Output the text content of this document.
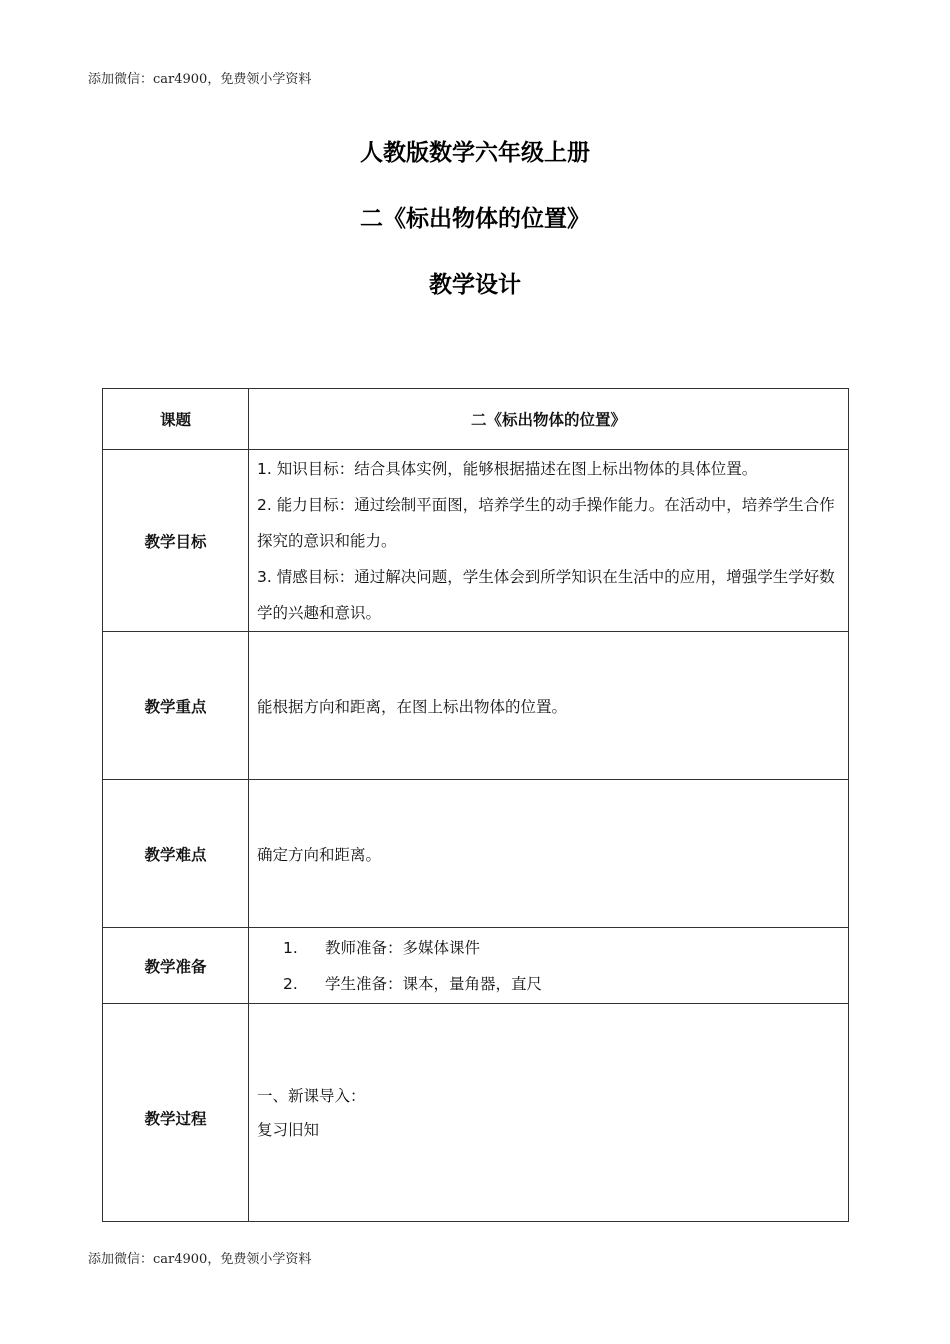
添加微信：car4900，免费领小学资料
人教版数学六年级上册
二《标出物体的位置》
教学设计
课题	二《标出物体的位置》
教学目标	1. 知识目标：结合具体实例，能够根据描述在图上标出物体的具体位置。
2. 能力目标：通过绘制平面图，培养学生的动手操作能力。在活动中，培养学生合作探究的意识和能力。
3. 情感目标：通过解决问题，学生体会到所学知识在生活中的应用，增强学生学好数学的兴趣和意识。

教学重点	能根据方向和距离，在图上标出物体的位置。
教学难点	确定方向和距离。
教学准备	1. 教师准备：多媒体课件
2. 学生准备：课本，量角器，直尺

教学过程	一、新课导入：
复习旧知
添加微信：car4900，免费领小学资料
